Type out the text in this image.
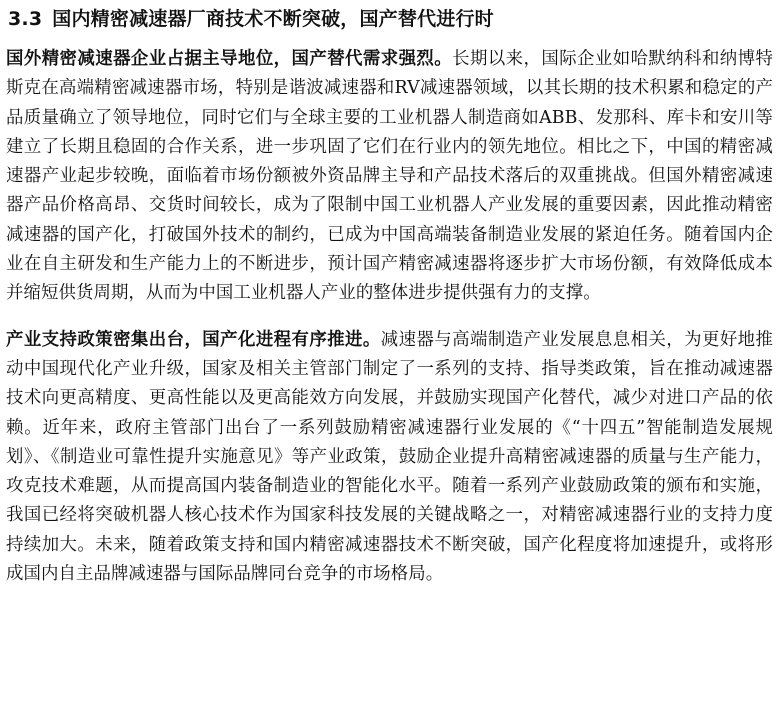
3.3 国内精密减速器厂商技术不断突破，国产替代进行时

国外精密减速器企业占据主导地位，国产替代需求强烈。长期以来，国际企业如哈默纳科和纳博特斯克在高端精密减速器市场，特别是谐波减速器和RV减速器领域，以其长期的技术积累和稳定的产品质量确立了领导地位，同时它们与全球主要的工业机器人制造商如ABB、发那科、库卡和安川等建立了长期且稳固的合作关系，进一步巩固了它们在行业内的领先地位。相比之下，中国的精密减速器产业起步较晚，面临着市场份额被外资品牌主导和产品技术落后的双重挑战。但国外精密减速器产品价格高昂、交货时间较长，成为了限制中国工业机器人产业发展的重要因素，因此推动精密减速器的国产化，打破国外技术的制约，已成为中国高端装备制造业发展的紧迫任务。随着国内企业在自主研发和生产能力上的不断进步，预计国产精密减速器将逐步扩大市场份额，有效降低成本并缩短供货周期，从而为中国工业机器人产业的整体进步提供强有力的支撑。

产业支持政策密集出台，国产化进程有序推进。减速器与高端制造产业发展息息相关，为更好地推动中国现代化产业升级，国家及相关主管部门制定了一系列的支持、指导类政策，旨在推动减速器技术向更高精度、更高性能以及更高能效方向发展，并鼓励实现国产化替代，减少对进口产品的依赖。近年来，政府主管部门出台了一系列鼓励精密减速器行业发展的《“十四五”智能制造发展规划》、《制造业可靠性提升实施意见》等产业政策，鼓励企业提升高精密减速器的质量与生产能力，攻克技术难题，从而提高国内装备制造业的智能化水平。随着一系列产业鼓励政策的颁布和实施，我国已经将突破机器人核心技术作为国家科技发展的关键战略之一，对精密减速器行业的支持力度持续加大。未来，随着政策支持和国内精密减速器技术不断突破，国产化程度将加速提升，或将形成国内自主品牌减速器与国际品牌同台竞争的市场格局。
